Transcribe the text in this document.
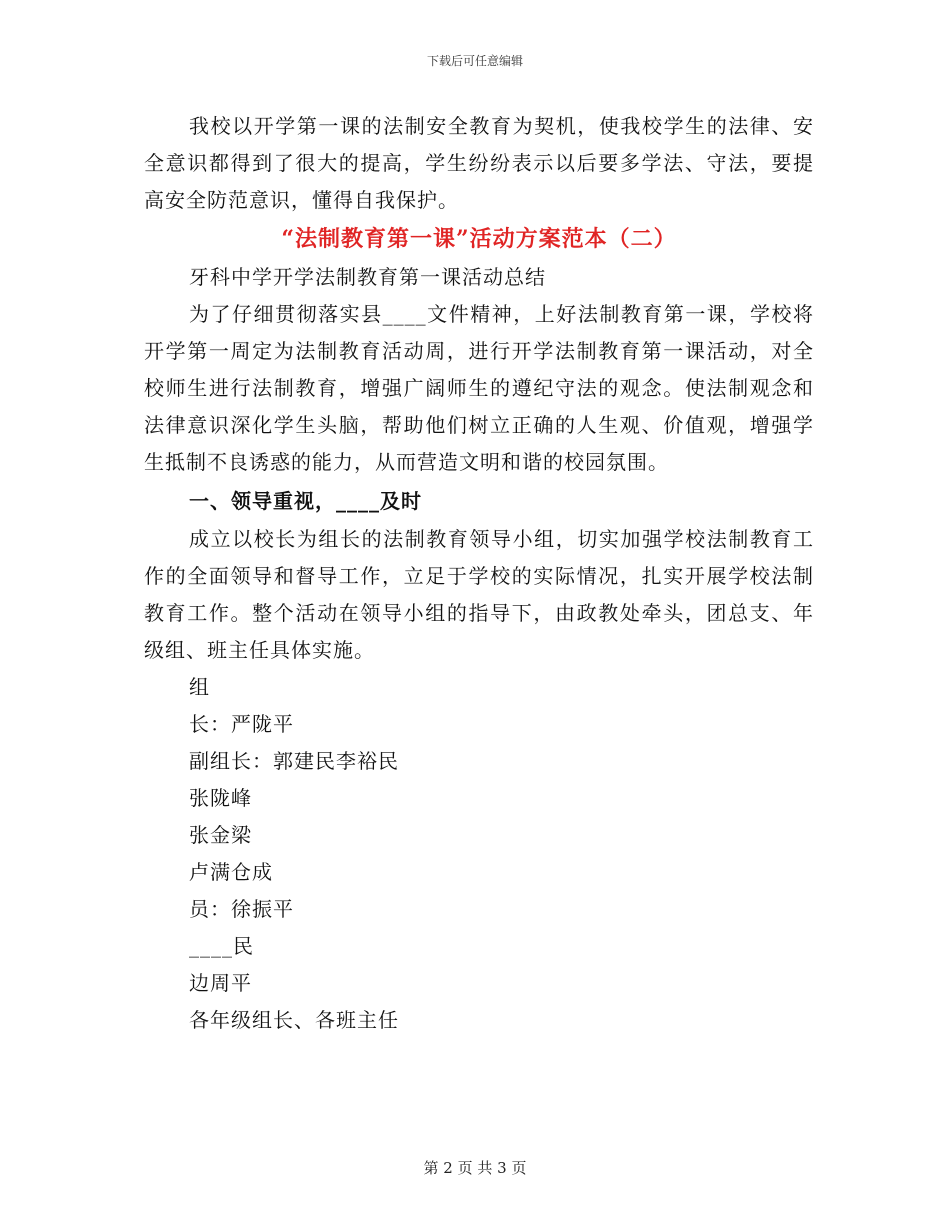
下载后可任意编辑

我校以开学第一课的法制安全教育为契机，使我校学生的法律、安全意识都得到了很大的提高，学生纷纷表示以后要多学法、守法，要提高安全防范意识，懂得自我保护。

“法制教育第一课”活动方案范本（二）

牙科中学开学法制教育第一课活动总结

为了仔细贯彻落实县____文件精神，上好法制教育第一课，学校将开学第一周定为法制教育活动周，进行开学法制教育第一课活动，对全校师生进行法制教育，增强广阔师生的遵纪守法的观念。使法制观念和法律意识深化学生头脑，帮助他们树立正确的人生观、价值观，增强学生抵制不良诱惑的能力，从而营造文明和谐的校园氛围。

一、领导重视，____及时

成立以校长为组长的法制教育领导小组，切实加强学校法制教育工作的全面领导和督导工作，立足于学校的实际情况，扎实开展学校法制教育工作。整个活动在领导小组的指导下，由政教处牵头，团总支、年级组、班主任具体实施。

组

长：严陇平

副组长：郭建民李裕民

张陇峰

张金梁

卢满仓成

员：徐振平

____民

边周平

各年级组长、各班主任

第 2 页 共 3 页
